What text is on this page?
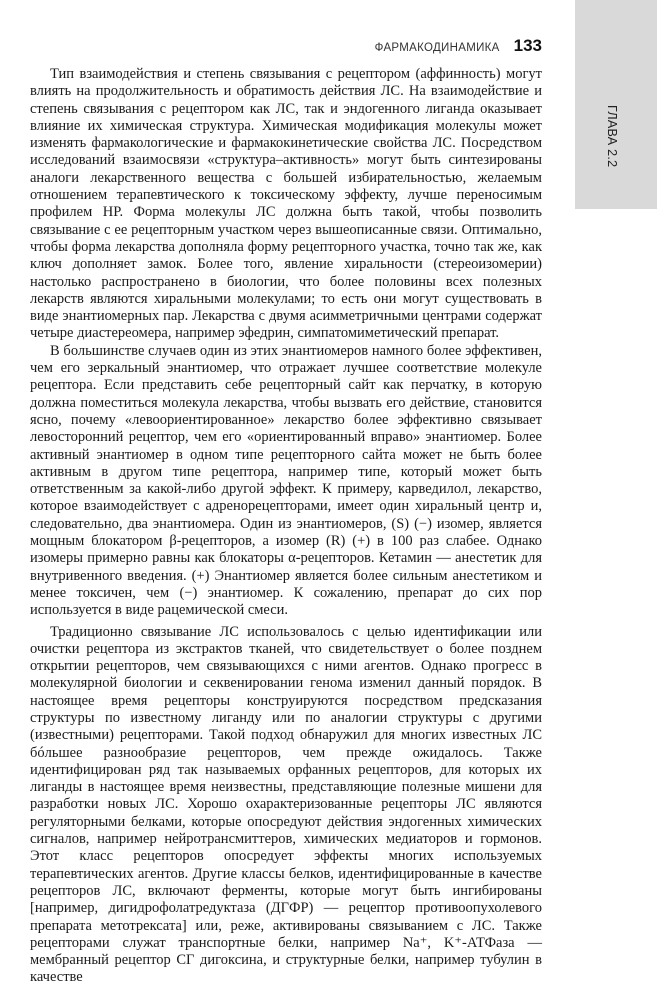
ГЛАВА 2.2
ФАРМАКОДИНАМИКА 133

Тип взаимодействия и степень связывания с рецептором (аффинность) могут влиять на продолжительность и обратимость действия ЛС. На взаимодействие и степень связывания с рецептором как ЛС, так и эндогенного лиганда оказывает влияние их химическая структура. Химическая модификация молекулы может изменять фармакологические и фармакокинетические свойства ЛС. Посредством исследований взаимосвязи «структура–активность» могут быть синтезированы аналоги лекарственного вещества с большей избирательностью, желаемым отношением терапевтического к токсическому эффекту, лучше переносимым профилем НР. Форма молекулы ЛС должна быть такой, чтобы позволить связывание с ее рецепторным участком через вышеописанные связи. Оптимально, чтобы форма лекарства дополняла форму рецепторного участка, точно так же, как ключ дополняет замок. Более того, явление хиральности (стереоизомерии) настолько распространено в биологии, что более половины всех полезных лекарств являются хиральными молекулами; то есть они могут существовать в виде энантиомерных пар. Лекарства с двумя асимметричными центрами содержат четыре диастереомера, например эфедрин, симпатомиметический препарат.

В большинстве случаев один из этих энантиомеров намного более эффективен, чем его зеркальный энантиомер, что отражает лучшее соответствие молекуле рецептора. Если представить себе рецепторный сайт как перчатку, в которую должна поместиться молекула лекарства, чтобы вызвать его действие, становится ясно, почему «левоориентированное» лекарство более эффективно связывает левосторонний рецептор, чем его «ориентированный вправо» энантиомер. Более активный энантиомер в одном типе рецепторного сайта может не быть более активным в другом типе рецептора, например типе, который может быть ответственным за какой-либо другой эффект. К примеру, карведилол, лекарство, которое взаимодействует с адренорецепторами, имеет один хиральный центр и, следовательно, два энантиомера. Один из энантиомеров, (S) (−) изомер, является мощным блокатором β-рецепторов, а изомер (R) (+) в 100 раз слабее. Однако изомеры примерно равны как блокаторы α-рецепторов. Кетамин — анестетик для внутривенного введения. (+) Энантиомер является более сильным анестетиком и менее токсичен, чем (−) энантиомер. К сожалению, препарат до сих пор используется в виде рацемической смеси.

Традиционно связывание ЛС использовалось с целью идентификации или очистки рецептора из экстрактов тканей, что свидетельствует о более позднем открытии рецепторов, чем связывающихся с ними агентов. Однако прогресс в молекулярной биологии и секвенировании генома изменил данный порядок. В настоящее время рецепторы конструируются посредством предсказания структуры по известному лиганду или по аналогии структуры с другими (известными) рецепторами. Такой подход обнаружил для многих известных ЛС бóльшее разнообразие рецепторов, чем прежде ожидалось. Также идентифицирован ряд так называемых орфанных рецепторов, для которых их лиганды в настоящее время неизвестны, представляющие полезные мишени для разработки новых ЛС. Хорошо охарактеризованные рецепторы ЛС являются регуляторными белками, которые опосредуют действия эндогенных химических сигналов, например нейротрансмиттеров, химических медиаторов и гормонов. Этот класс рецепторов опосредует эффекты многих используемых терапевтических агентов. Другие классы белков, идентифицированные в качестве рецепторов ЛС, включают ферменты, которые могут быть ингибированы [например, дигидрофолатредуктаза (ДГФР) — рецептор противоопухолевого препарата метотрексата] или, реже, активированы связыванием с ЛС. Также рецепторами служат транспортные белки, например Na⁺, K⁺-АТФаза — мембранный рецептор СГ дигоксина, и структурные белки, например тубулин в качестве
